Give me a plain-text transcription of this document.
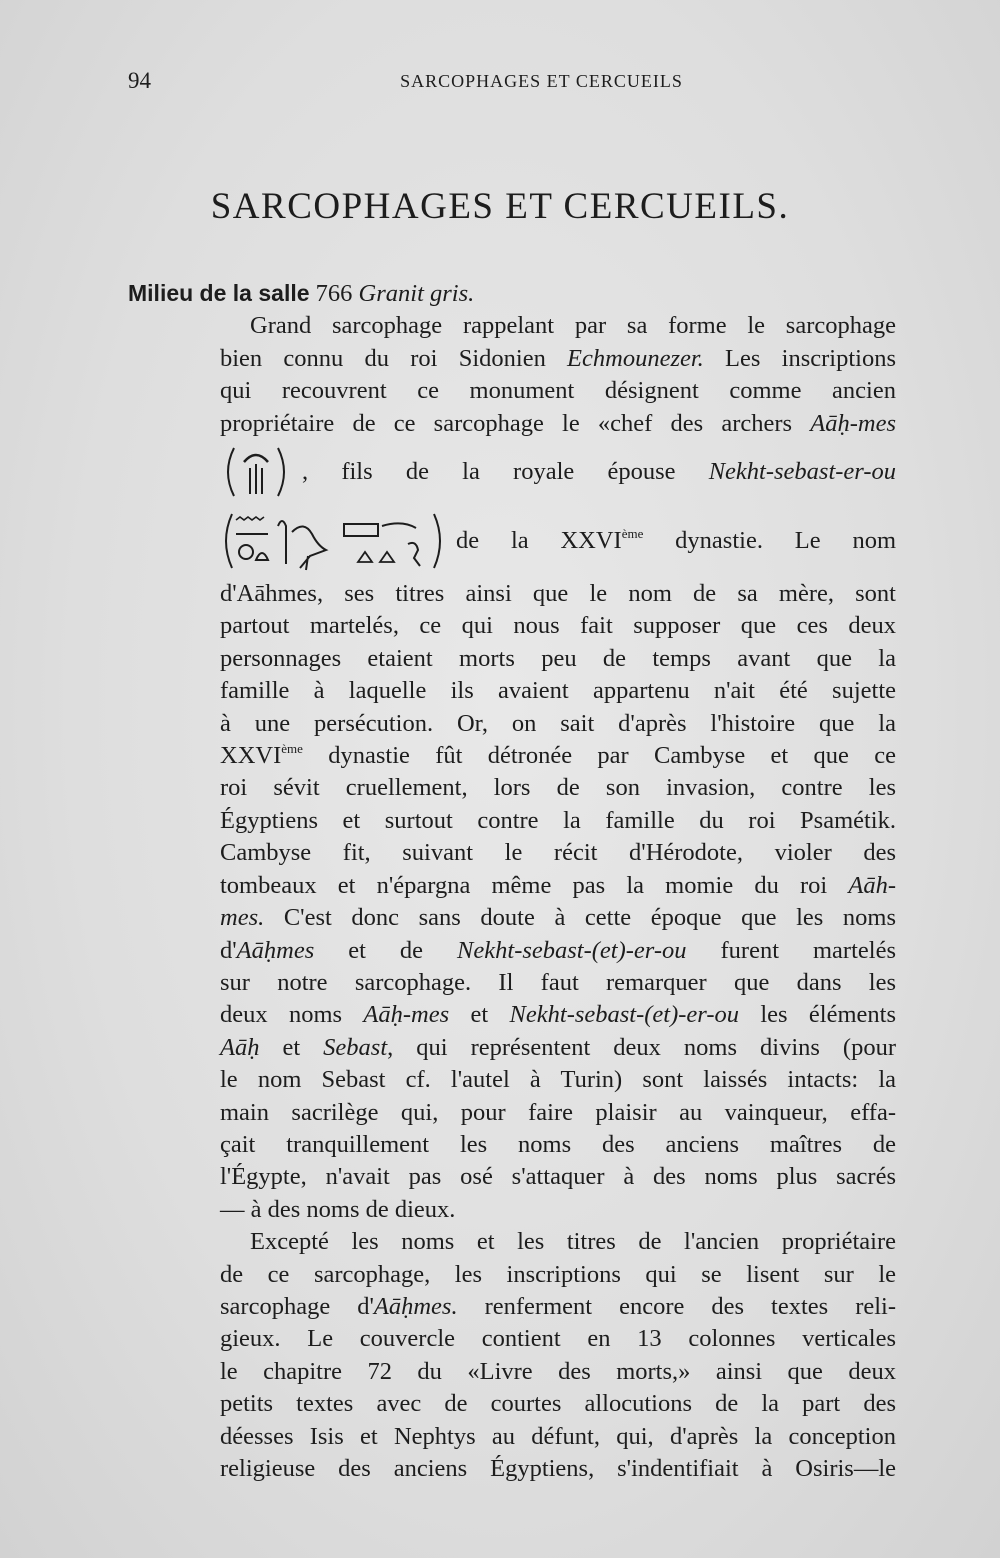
94	SARCOPHAGES ET CERCUEILS
SARCOPHAGES ET CERCUEILS.
Milieu de la salle 766 Granit gris.
Grand sarcophage rappelant par sa forme le sarcophage
bien connu du roi Sidonien Echmounezer. Les inscriptions
qui recouvrent ce monument désignent comme ancien
propriétaire de ce sarcophage le «chef des archers Aāḥ-mes
, fils de la royale épouse Nekht-sebast-er-ou
de la XXVIème dynastie. Le nom
d'Aāhmes, ses titres ainsi que le nom de sa mère, sont
partout martelés, ce qui nous fait supposer que ces deux
personnages etaient morts peu de temps avant que la
famille à laquelle ils avaient appartenu n'ait été sujette
à une persécution. Or, on sait d'après l'histoire que la
XXVIème dynastie fût détronée par Cambyse et que ce
roi sévit cruellement, lors de son invasion, contre les
Égyptiens et surtout contre la famille du roi Psamétik.
Cambyse fit, suivant le récit d'Hérodote, violer des
tombeaux et n'épargna même pas la momie du roi Aāh-
mes. C'est donc sans doute à cette époque que les noms
d'Aāḥmes et de Nekht-sebast-(et)-er-ou furent martelés
sur notre sarcophage. Il faut remarquer que dans les
deux noms Aāḥ-mes et Nekht-sebast-(et)-er-ou les éléments
Aāḥ et Sebast, qui représentent deux noms divins (pour
le nom Sebast cf. l'autel à Turin) sont laissés intacts: la
main sacrilège qui, pour faire plaisir au vainqueur, effa-
çait tranquillement les noms des anciens maîtres de
l'Égypte, n'avait pas osé s'attaquer à des noms plus sacrés
— à des noms de dieux.
Excepté les noms et les titres de l'ancien propriétaire
de ce sarcophage, les inscriptions qui se lisent sur le
sarcophage d'Aāḥmes. renferment encore des textes reli-
gieux. Le couvercle contient en 13 colonnes verticales
le chapitre 72 du «Livre des morts,» ainsi que deux
petits textes avec de courtes allocutions de la part des
déesses Isis et Nephtys au défunt, qui, d'après la conception
religieuse des anciens Égyptiens, s'indentifiait à Osiris—le
